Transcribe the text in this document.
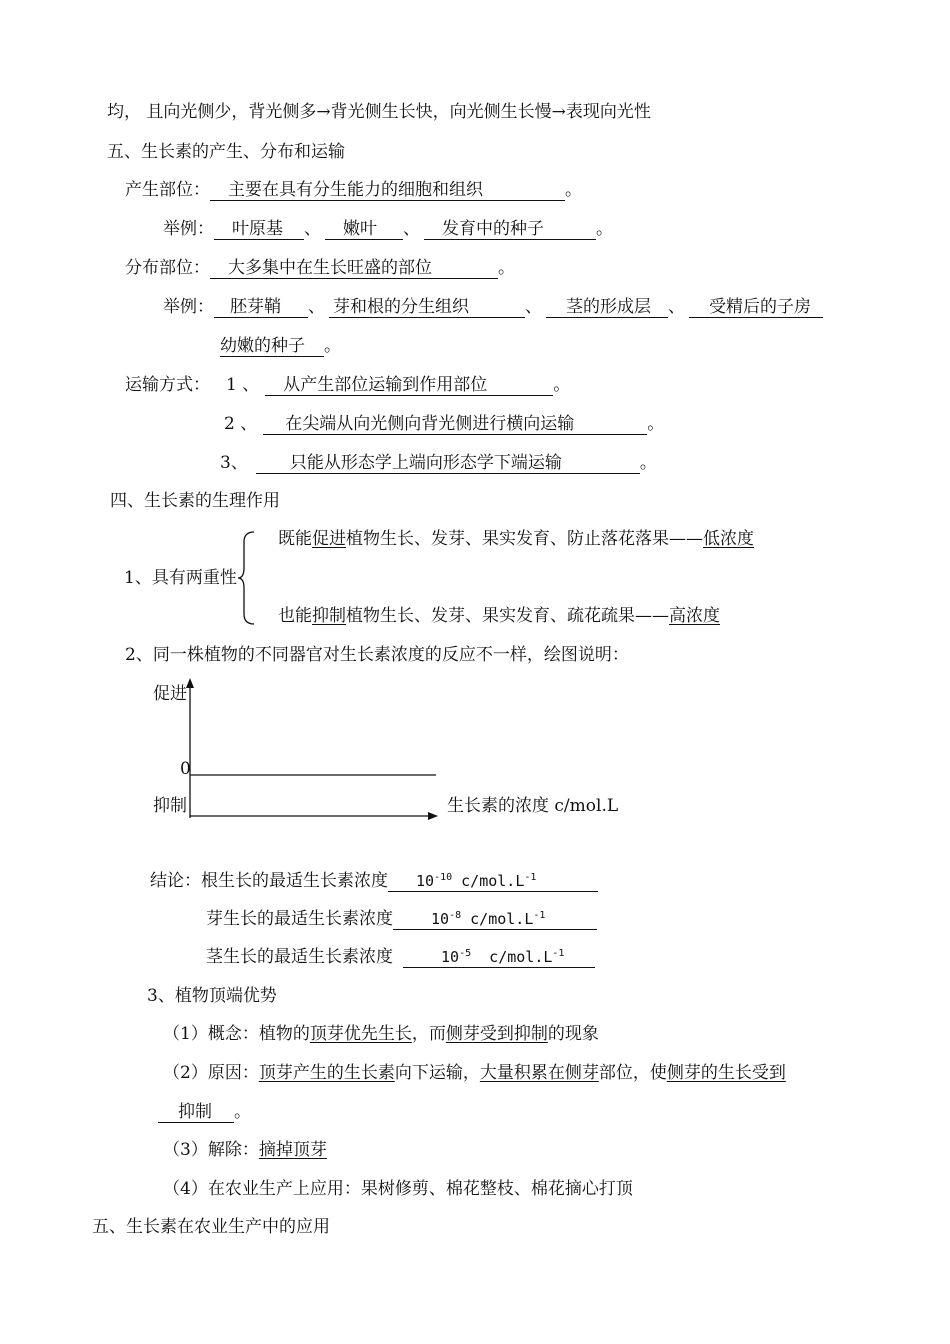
均， 且向光侧少，背光侧多→背光侧生长快，向光侧生长慢→表现向光性
五、生长素的产生、分布和运输
产生部位： 主要在具有分生能力的细胞和组织	。
举例： 叶原基 、 嫩叶 、 发育中的种子	。
分布部位： 大多集中在生长旺盛的部位	。
举例： 胚芽鞘 、 芽和根的分生组织	、 茎的形成层 、 受精后的子房
幼嫩的种子 。
运输方式： 1 、 从产生部位运输到作用部位	。
2 、 在尖端从向光侧向背光侧进行横向运输	。
3、 只能从形态学上端向形态学下端运输	。
四、生长素的生理作用
既能促进植物生长、发芽、果实发育、防止落花落果——低浓度
1、具有两重性
也能抑制植物生长、发芽、果实发育、疏花疏果——高浓度
2、同一株植物的不同器官对生长素浓度的反应不一样，绘图说明：
促进
0
抑制	生长素的浓度 c/mol.L
结论：根生长的最适生长素浓度 $10^{-10}$ $c/mol.L^{-1}$
芽生长的最适生长素浓度	$10^{-8}$ $c/mol.L^{-1}$
茎生长的最适生长素浓度	$10^{-5}$ $c/mol.L^{-1}$
3、植物顶端优势
（1）概念：植物的顶芽优先生长，而侧芽受到抑制的现象
（2）原因：顶芽产生的生长素向下运输，大量积累在侧芽部位，使侧芽的生长受到
抑制 。
（3）解除：摘掉顶芽
（4）在农业生产上应用：果树修剪、棉花整枝、棉花摘心打顶
五、生长素在农业生产中的应用
